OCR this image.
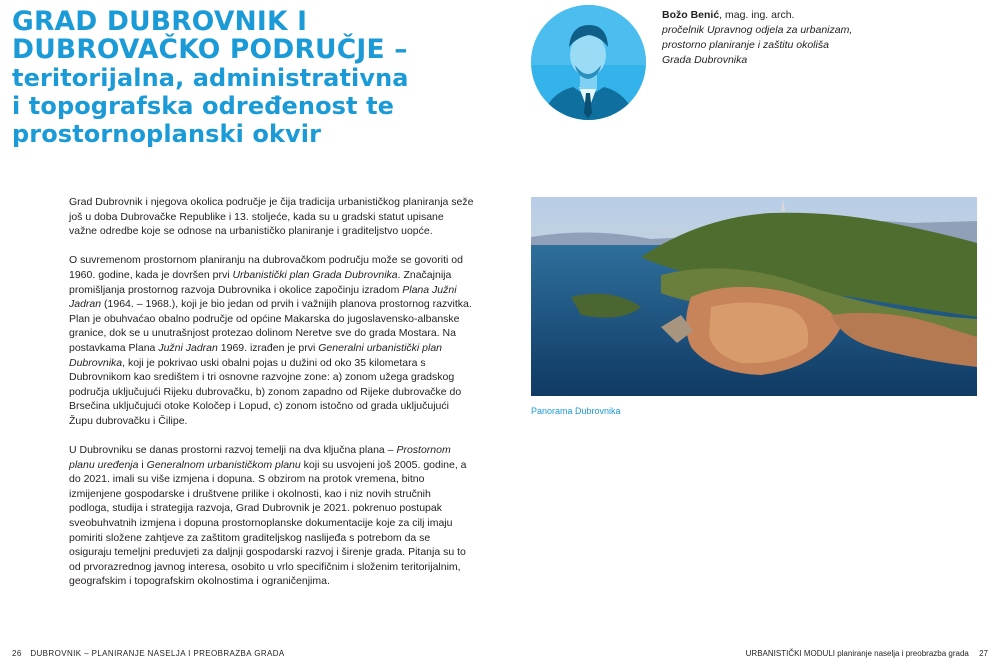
GRAD DUBROVNIK I
DUBROVAČKO PODRUČJE –
teritorijalna, administrativna
i topografska određenost te
prostornoplanski okvir
Božo Benić, mag. ing. arch.
pročelnik Upravnog odjela za urbanizam,
prostorno planiranje i zaštitu okoliša
Grada Dubrovnika

Grad Dubrovnik i njegova okolica područje je čija tradicija urbanističkog planiranja seže još u doba Dubrovačke Republike i 13. stoljeće, kada su u gradski statut upisane važne odredbe koje se odnose na urbanističko planiranje i graditeljstvo uopće.

O suvremenom prostornom planiranju na dubrovačkom području može se govoriti od 1960. godine, kada je dovršen prvi Urbanistički plan Grada Dubrovnika. Značajnija promišljanja prostornog razvoja Dubrovnika i okolice započinju izradom Plana Južni Jadran (1964. – 1968.), koji je bio jedan od prvih i važnijih planova prostornog razvitka. Plan je obuhvaćao obalno područje od općine Makarska do jugoslavensko-albanske granice, dok se u unutrašnjost protezao dolinom Neretve sve do grada Mostara. Na postavkama Plana Južni Jadran 1969. izrađen je prvi Generalni urbanistički plan Dubrovnika, koji je pokrivao uski obalni pojas u dužini od oko 35 kilometara s Dubrovnikom kao središtem i tri osnovne razvojne zone: a) zonom užega gradskog područja uključujući Rijeku dubrovačku, b) zonom zapadno od Rijeke dubrovačke do Brsečina uključujući otoke Koločep i Lopud, c) zonom istočno od grada uključujući Župu dubrovačku i Čilipe.

U Dubrovniku se danas prostorni razvoj temelji na dva ključna plana – Prostornom planu uređenja i Generalnom urbanističkom planu koji su usvojeni još 2005. godine, a do 2021. imali su više izmjena i dopuna. S obzirom na protok vremena, bitno izmijenjene gospodarske i društvene prilike i okolnosti, kao i niz novih stručnih podloga, studija i strategija razvoja, Grad Dubrovnik je 2021. pokrenuo postupak sveobuhvatnih izmjena i dopuna prostornoplanske dokumentacije koje za cilj imaju pomiriti složene zahtjeve za zaštitom graditeljskog naslijeđa s potrebom da se osiguraju temeljni preduvjeti za daljnji gospodarski razvoj i širenje grada. Pitanja su to od prvorazrednog javnog interesa, osobito u vrlo specifičnim i složenim teritorijalnim, geografskim i topografskim okolnostima i ograničenjima.

Panorama Dubrovnika
26 DUBROVNIK – PLANIRANJE NASELJA I PREOBRAZBA GRADA	URBANISTIČKI MODULI planiranje naselja i preobrazba grada 27
